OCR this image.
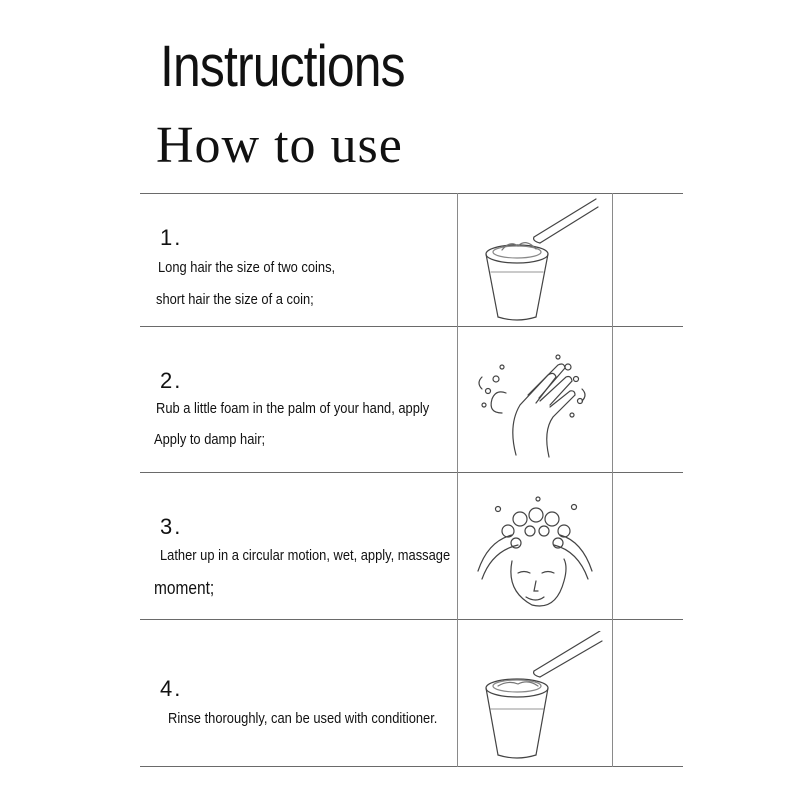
Instructions
How to use
1.
Long hair the size of two coins,
short hair the size of a coin;
2.
Rub a little foam in the palm of your hand, apply
Apply to damp hair;
3.
Lather up in a circular motion, wet, apply, massage
moment;
4.
Rinse thoroughly, can be used with conditioner.
